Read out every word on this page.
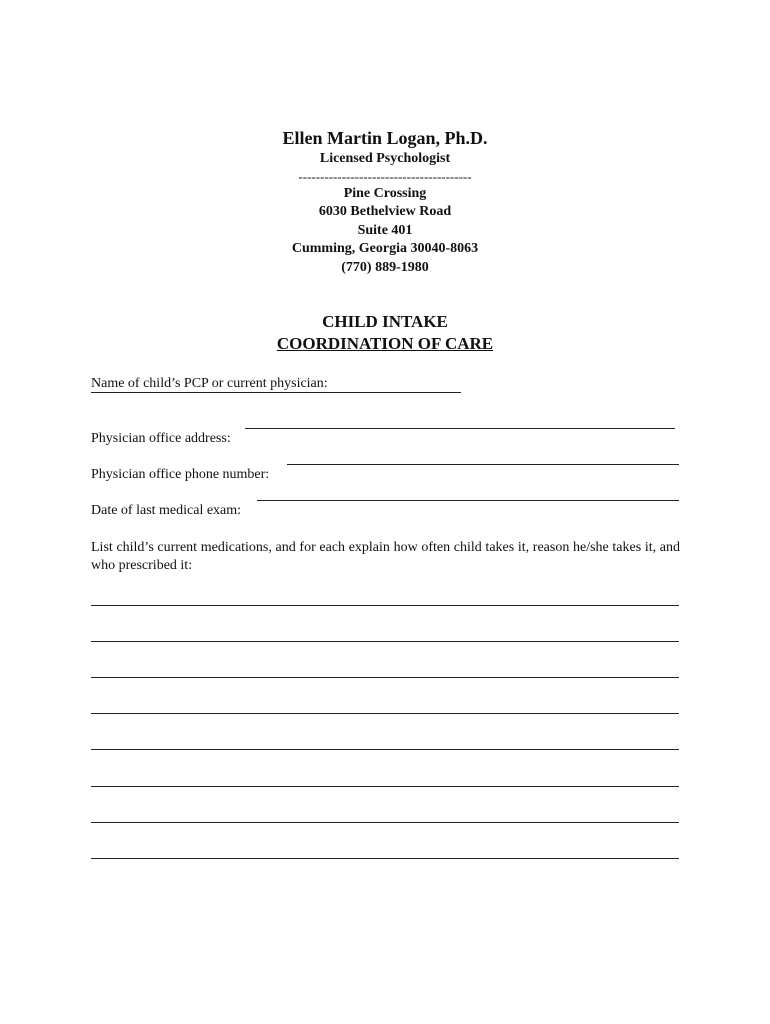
Ellen Martin Logan, Ph.D.
Licensed Psychologist
----------------------------------------
Pine Crossing
6030 Bethelview Road
Suite 401
Cumming, Georgia 30040-8063
(770) 889-1980
CHILD INTAKE
COORDINATION OF CARE
Name of child’s PCP or current physician:
Physician office address:
Physician office phone number:
Date of last medical exam:
List child’s current medications, and for each explain how often child takes it, reason he/she takes it, and who prescribed it:
